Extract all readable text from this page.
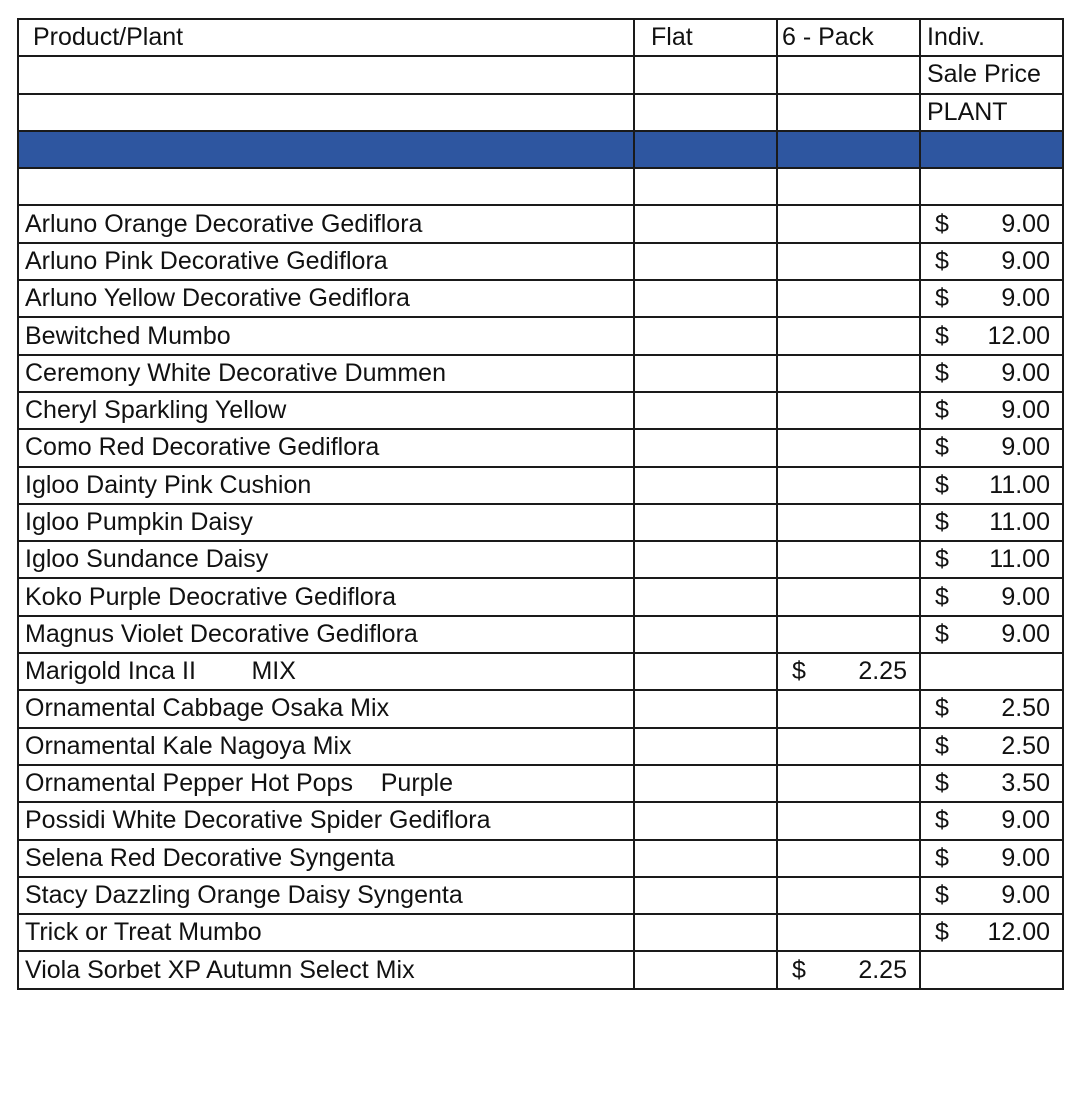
Product/Plant	Flat	6 - Pack	Indiv.
			Sale Price
			PLANT

Arluno Orange Decorative Gediflora			$ 9.00

Arluno Pink Decorative Gediflora			$ 9.00

Arluno Yellow Decorative Gediflora			$ 9.00

Bewitched Mumbo			$ 12.00

Ceremony White Decorative Dummen			$ 9.00

Cheryl Sparkling Yellow			$ 9.00

Como Red Decorative Gediflora			$ 9.00

Igloo Dainty Pink Cushion			$ 11.00

Igloo Pumpkin Daisy			$ 11.00

Igloo Sundance Daisy			$ 11.00

Koko Purple Deocrative Gediflora			$ 9.00

Magnus Violet Decorative Gediflora			$ 9.00

Marigold Inca II        MIX		$ 2.25	

Ornamental Cabbage Osaka Mix			$ 2.50

Ornamental Kale Nagoya Mix			$ 2.50

Ornamental Pepper Hot Pops    Purple			$ 3.50

Possidi White Decorative Spider Gediflora			$ 9.00

Selena Red Decorative Syngenta			$ 9.00

Stacy Dazzling Orange Daisy Syngenta			$ 9.00

Trick or Treat Mumbo			$ 12.00

Viola Sorbet XP Autumn Select Mix		$ 2.25	
